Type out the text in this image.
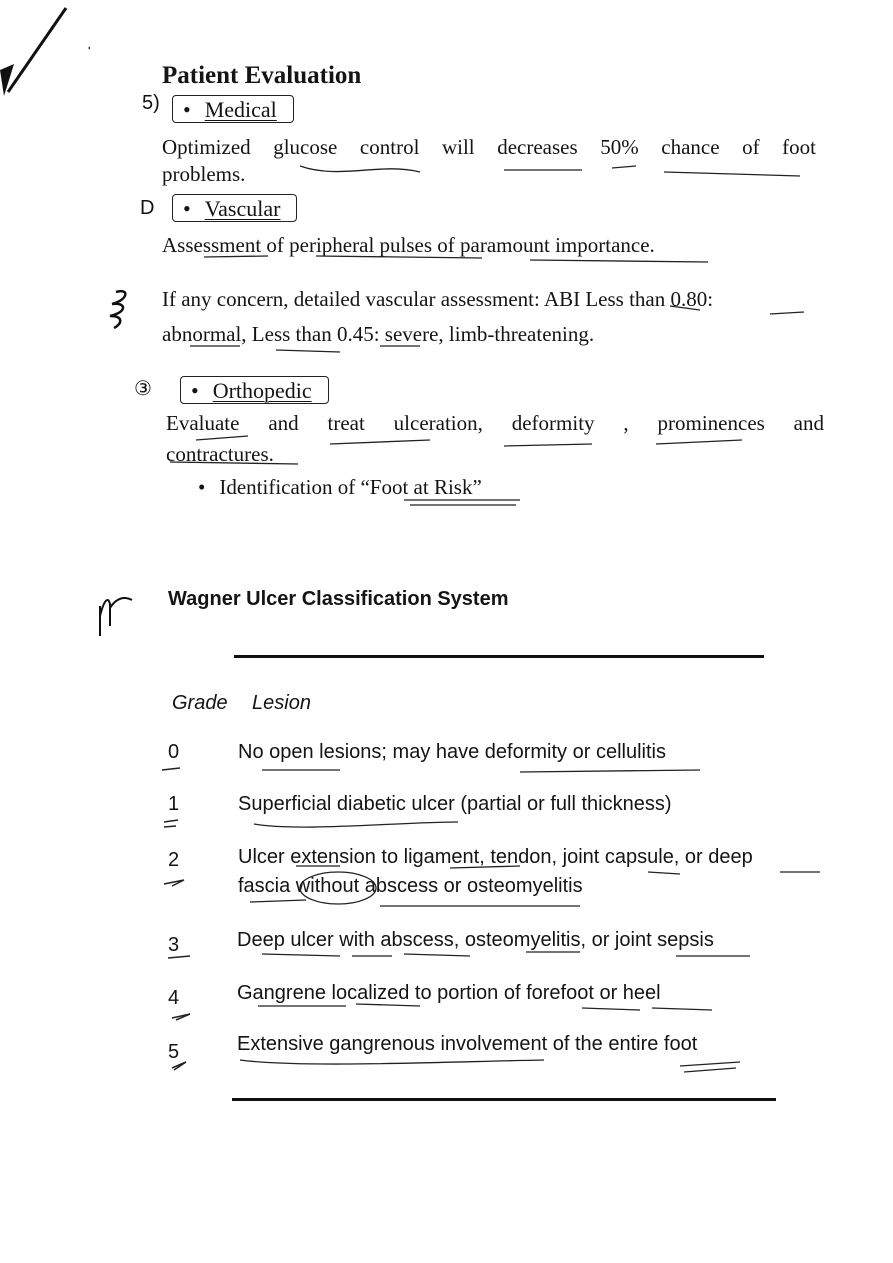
Patient Evaluation
5)	• Medical
Optimized glucose control will decreases 50% chance of foot
problems.
D	• Vascular
Assessment of peripheral pulses of paramount importance.
If any concern, detailed vascular assessment: ABI Less than 0.80:
abnormal, Less than 0.45: severe, limb-threatening.
③	• Orthopedic
Evaluate and treat ulceration, deformity , prominences and
contractures.
• Identification of “Foot at Risk”
Wagner Ulcer Classification System
Grade Lesion
0	No open lesions; may have deformity or cellulitis
1	Superficial diabetic ulcer (partial or full thickness)
2	Ulcer extension to ligament, tendon, joint capsule, or deep
fascia without abscess or osteomyelitis
3	Deep ulcer with abscess, osteomyelitis, or joint sepsis
4	Gangrene localized to portion of forefoot or heel
5	Extensive gangrenous involvement of the entire foot
